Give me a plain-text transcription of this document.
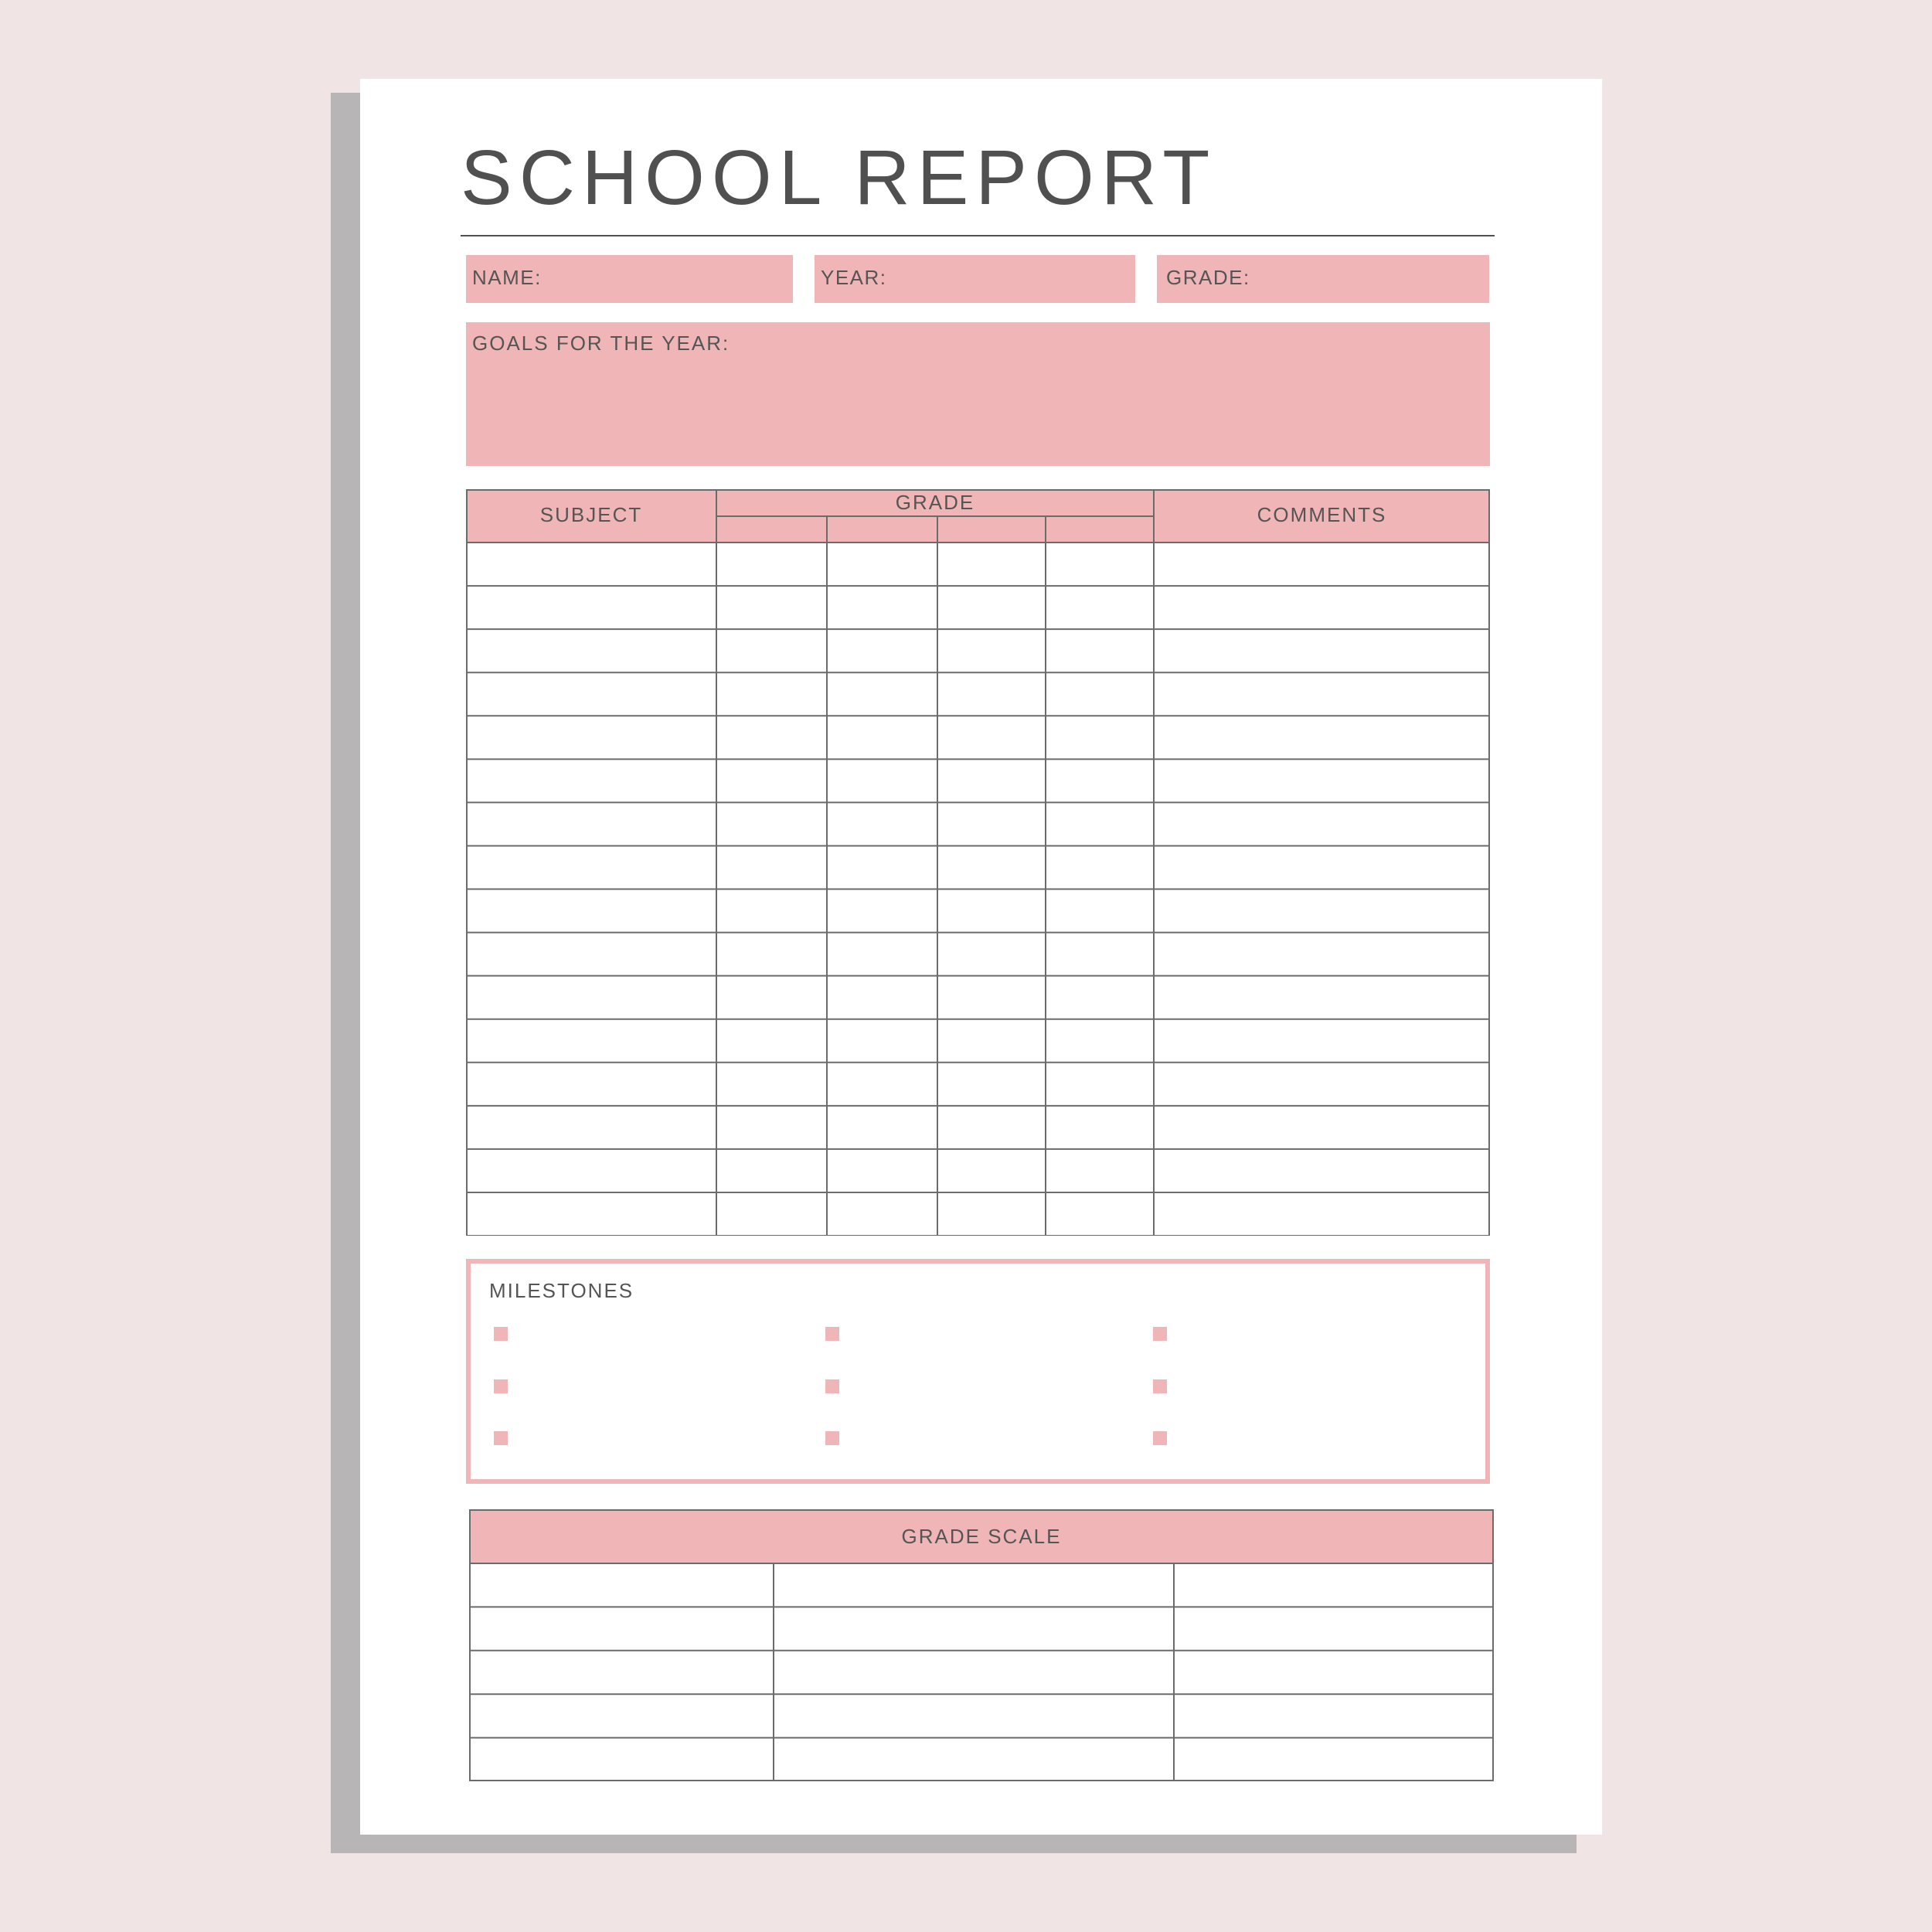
SCHOOL REPORT
NAME:	YEAR:	GRADE:
GOALS FOR THE YEAR:
SUBJECT
GRADE
COMMENTS
MILESTONES
GRADE SCALE
